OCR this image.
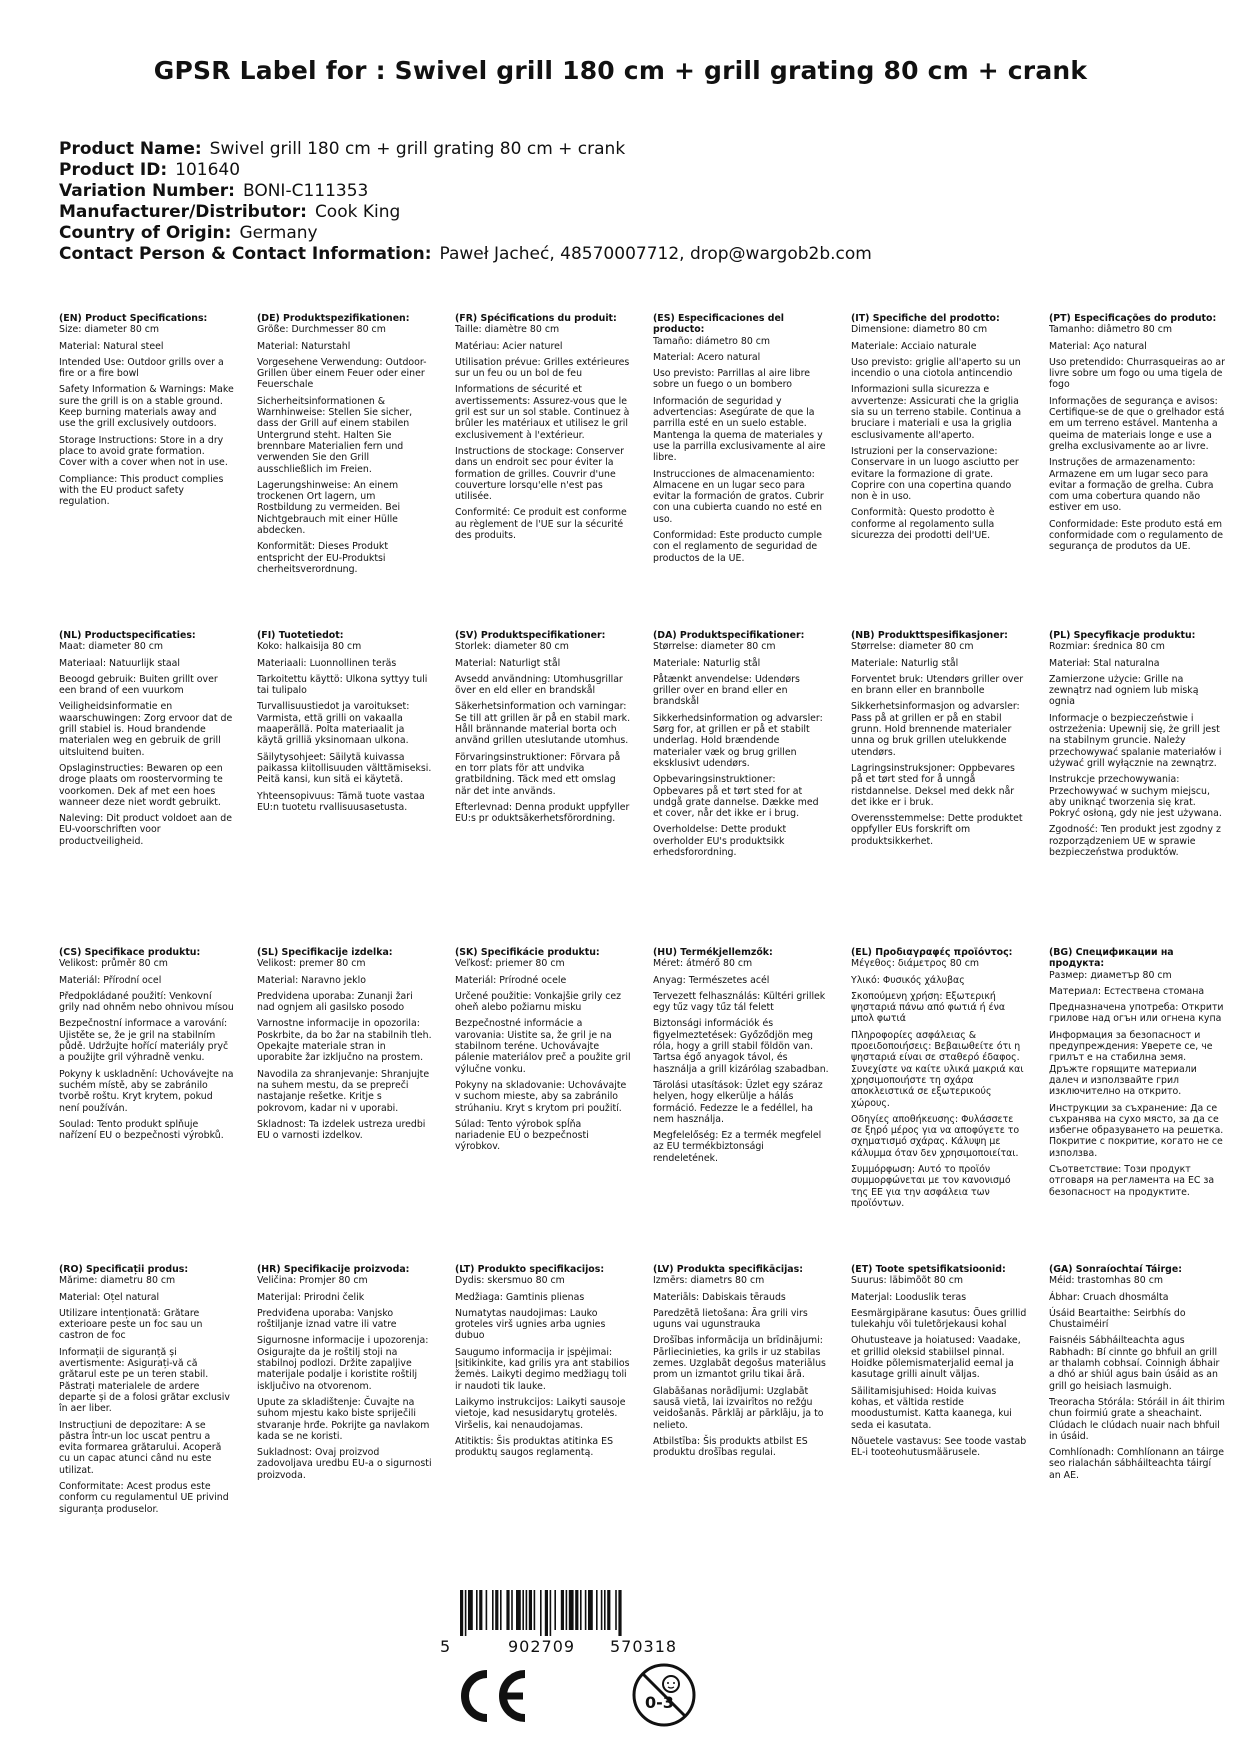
GPSR Label for : Swivel grill 180 cm + grill grating 80 cm + crank
Product Name: Swivel grill 180 cm + grill grating 80 cm + crank
Product ID: 101640
Variation Number: BONI-C111353
Manufacturer/Distributor: Cook King
Country of Origin: Germany
Contact Person & Contact Information: Paweł Jacheć, 48570007712, drop@wargob2b.com
(EN) Product Specifications:

Size: diameter 80 cm

Material: Natural steel

Intended Use: Outdoor grills over a fire or a fire bowl

Safety Information & Warnings: Make sure the grill is on a stable ground. Keep burning materials away and use the grill exclusively outdoors.

Storage Instructions: Store in a dry place to avoid grate formation. Cover with a cover when not in use.

Compliance: This product complies with the EU product safety regulation.

(DE) Produktspezifikationen:

Größe: Durchmesser 80 cm

Material: Naturstahl

Vorgesehene Verwendung: Outdoor-Grillen über einem Feuer oder einer Feuerschale

Sicherheitsinformationen & Warnhinweise: Stellen Sie sicher, dass der Grill auf einem stabilen Untergrund steht. Halten Sie brennbare Materialien fern und verwenden Sie den Grill ausschließlich im Freien.

Lagerungshinweise: An einem trockenen Ort lagern, um Rostbildung zu vermeiden. Bei Nichtgebrauch mit einer Hülle abdecken.

Konformität: Dieses Produkt entspricht der EU-Produktsi cherheitsverordnung.

(FR) Spécifications du produit:

Taille: diamètre 80 cm

Matériau: Acier naturel

Utilisation prévue: Grilles extérieures sur un feu ou un bol de feu

Informations de sécurité et avertissements: Assurez-vous que le gril est sur un sol stable. Continuez à brûler les matériaux et utilisez le gril exclusivement à l'extérieur.

Instructions de stockage: Conserver dans un endroit sec pour éviter la formation de grilles. Couvrir d'une couverture lorsqu'elle n'est pas utilisée.

Conformité: Ce produit est conforme au règlement de l'UE sur la sécurité des produits.

(ES) Especificaciones del producto:

Tamaño: diámetro 80 cm

Material: Acero natural

Uso previsto: Parrillas al aire libre sobre un fuego o un bombero

Información de seguridad y advertencias: Asegúrate de que la parrilla esté en un suelo estable. Mantenga la quema de materiales y use la parrilla exclusivamente al aire libre.

Instrucciones de almacenamiento: Almacene en un lugar seco para evitar la formación de gratos. Cubrir con una cubierta cuando no esté en uso.

Conformidad: Este producto cumple con el reglamento de seguridad de productos de la UE.

(IT) Specifiche del prodotto:

Dimensione: diametro 80 cm

Materiale: Acciaio naturale

Uso previsto: griglie all'aperto su un incendio o una ciotola antincendio

Informazioni sulla sicurezza e avvertenze: Assicurati che la griglia sia su un terreno stabile. Continua a bruciare i materiali e usa la griglia esclusivamente all'aperto.

Istruzioni per la conservazione: Conservare in un luogo asciutto per evitare la formazione di grate. Coprire con una copertina quando non è in uso.

Conformità: Questo prodotto è conforme al regolamento sulla sicurezza dei prodotti dell'UE.

(PT) Especificações do produto:

Tamanho: diâmetro 80 cm

Material: Aço natural

Uso pretendido: Churrasqueiras ao ar livre sobre um fogo ou uma tigela de fogo

Informações de segurança e avisos: Certifique-se de que o grelhador está em um terreno estável. Mantenha a queima de materiais longe e use a grelha exclusivamente ao ar livre.

Instruções de armazenamento: Armazene em um lugar seco para evitar a formação de grelha. Cubra com uma cobertura quando não estiver em uso.

Conformidade: Este produto está em conformidade com o regulamento de segurança de produtos da UE.

(NL) Productspecificaties:

Maat: diameter 80 cm

Materiaal: Natuurlijk staal

Beoogd gebruik: Buiten grillt over een brand of een vuurkom

Veiligheidsinformatie en waarschuwingen: Zorg ervoor dat de grill stabiel is. Houd brandende materialen weg en gebruik de grill uitsluitend buiten.

Opslaginstructies: Bewaren op een droge plaats om roostervorming te voorkomen. Dek af met een hoes wanneer deze niet wordt gebruikt.

Naleving: Dit product voldoet aan de EU-voorschriften voor productveiligheid.

(FI) Tuotetiedot:

Koko: halkaisija 80 cm

Materiaali: Luonnollinen teräs

Tarkoitettu käyttö: Ulkona syttyy tuli tai tulipalo

Turvallisuustiedot ja varoitukset: Varmista, että grilli on vakaalla maaperällä. Polta materiaalit ja käytä grilliä yksinomaan ulkona.

Säilytysohjeet: Säilytä kuivassa paikassa kiitollisuuden välttämiseksi. Peitä kansi, kun sitä ei käytetä.

Yhteensopivuus: Tämä tuote vastaa EU:n tuotetu rvallisuusasetusta.

(SV) Produktspecifikationer:

Storlek: diameter 80 cm

Material: Naturligt stål

Avsedd användning: Utomhusgrillar över en eld eller en brandskål

Säkerhetsinformation och varningar: Se till att grillen är på en stabil mark. Håll brännande material borta och använd grillen uteslutande utomhus.

Förvaringsinstruktioner: Förvara på en torr plats för att undvika gratbildning. Täck med ett omslag när det inte används.

Efterlevnad: Denna produkt uppfyller EU:s pr oduktsäkerhetsförordning.

(DA) Produktspecifikationer:

Størrelse: diameter 80 cm

Materiale: Naturlig stål

Påtænkt anvendelse: Udendørs griller over en brand eller en brandskål

Sikkerhedsinformation og advarsler: Sørg for, at grillen er på et stabilt underlag. Hold brændende materialer væk og brug grillen eksklusivt udendørs.

Opbevaringsinstruktioner: Opbevares på et tørt sted for at undgå grate dannelse. Dække med et cover, når det ikke er i brug.

Overholdelse: Dette produkt overholder EU's produktsikk erhedsforordning.

(NB) Produkttspesifikasjoner:

Størrelse: diameter 80 cm

Materiale: Naturlig stål

Forventet bruk: Utendørs griller over en brann eller en brannbolle

Sikkerhetsinformasjon og advarsler: Pass på at grillen er på en stabil grunn. Hold brennende materialer unna og bruk grillen utelukkende utendørs.

Lagringsinstruksjoner: Oppbevares på et tørt sted for å unngå ristdannelse. Deksel med dekk når det ikke er i bruk.

Overensstemmelse: Dette produktet oppfyller EUs forskrift om produktsikkerhet.

(PL) Specyfikacje produktu:

Rozmiar: średnica 80 cm

Materiał: Stal naturalna

Zamierzone użycie: Grille na zewnątrz nad ogniem lub miską ognia

Informacje o bezpieczeństwie i ostrzeżenia: Upewnij się, że grill jest na stabilnym gruncie. Należy przechowywać spalanie materiałów i używać grill wyłącznie na zewnątrz.

Instrukcje przechowywania: Przechowywać w suchym miejscu, aby uniknąć tworzenia się krat. Pokryć osłoną, gdy nie jest używana.

Zgodność: Ten produkt jest zgodny z rozporządzeniem UE w sprawie bezpieczeństwa produktów.

(CS) Specifikace produktu:

Velikost: průměr 80 cm

Materiál: Přírodní ocel

Předpokládané použití: Venkovní grily nad ohněm nebo ohnivou mísou

Bezpečnostní informace a varování: Ujistěte se, že je gril na stabilním půdě. Udržujte hořící materiály pryč a použijte gril výhradně venku.

Pokyny k uskladnění: Uchovávejte na suchém místě, aby se zabránilo tvorbě roštu. Kryt krytem, pokud není používán.

Soulad: Tento produkt splňuje nařízení EU o bezpečnosti výrobků.

(SL) Specifikacije izdelka:

Velikost: premer 80 cm

Material: Naravno jeklo

Predvidena uporaba: Zunanji žari nad ognjem ali gasilsko posodo

Varnostne informacije in opozorila: Poskrbite, da bo žar na stabilnih tleh. Opekajte materiale stran in uporabite žar izključno na prostem.

Navodila za shranjevanje: Shranjujte na suhem mestu, da se prepreči nastajanje rešetke. Kritje s pokrovom, kadar ni v uporabi.

Skladnost: Ta izdelek ustreza uredbi EU o varnosti izdelkov.

(SK) Špecifikácie produktu:

Veľkosť: priemer 80 cm

Materiál: Prírodné ocele

Určené použitie: Vonkajšie grily cez oheň alebo požiarnu misku

Bezpečnostné informácie a varovania: Uistite sa, že gril je na stabilnom teréne. Uchovávajte pálenie materiálov preč a použite gril výlučne vonku.

Pokyny na skladovanie: Uchovávajte v suchom mieste, aby sa zabránilo strúhaniu. Kryt s krytom pri použití.

Súlad: Tento výrobok spĺňa nariadenie EÚ o bezpečnosti výrobkov.

(HU) Termékjellemzők:

Méret: átmérő 80 cm

Anyag: Természetes acél

Tervezett felhasználás: Kültéri grillek egy tűz vagy tűz tál felett

Biztonsági információk és figyelmeztetések: Győződjön meg róla, hogy a grill stabil földön van. Tartsa égő anyagok távol, és használja a grill kizárólag szabadban.

Tárolási utasítások: Üzlet egy száraz helyen, hogy elkerülje a hálás formáció. Fedezze le a fedéllel, ha nem használja.

Megfelelőség: Ez a termék megfelel az EU termékbiztonsági rendeletének.

(EL) Προδιαγραφές προϊόντος:

Μέγεθος: διάμετρος 80 cm

Υλικό: Φυσικός χάλυβας

Σκοπούμενη χρήση: Εξωτερική ψησταριά πάνω από φωτιά ή ένα μπολ φωτιά

Πληροφορίες ασφάλειας & προειδοποιήσεις: Βεβαιωθείτε ότι η ψησταριά είναι σε σταθερό έδαφος. Συνεχίστε να καίτε υλικά μακριά και χρησιμοποιήστε τη σχάρα αποκλειστικά σε εξωτερικούς χώρους.

Οδηγίες αποθήκευσης: Φυλάσσετε σε ξηρό μέρος για να αποφύγετε το σχηματισμό σχάρας. Κάλυψη με κάλυμμα όταν δεν χρησιμοποιείται.

Συμμόρφωση: Αυτό το προϊόν συμμορφώνεται με τον κανονισμό της ΕΕ για την ασφάλεια των προϊόντων.

(BG) Спецификации на продукта:

Размер: диаметър 80 cm

Материал: Естествена стомана

Предназначена употреба: Открити грилове над огън или огнена купа

Информация за безопасност и предупреждения: Уверете се, че грилът е на стабилна земя. Дръжте горящите материали далеч и използвайте грил изключително на открито.

Инструкции за съхранение: Да се съхранява на сухо място, за да се избегне образуването на решетка. Покритие с покритие, когато не се използва.

Съответствие: Този продукт отговаря на регламента на ЕС за безопасност на продуктите.

(RO) Specificații produs:

Mărime: diametru 80 cm

Material: Oțel natural

Utilizare intenționată: Grătare exterioare peste un foc sau un castron de foc

Informații de siguranță și avertismente: Asigurați-vă că grătarul este pe un teren stabil. Păstrați materialele de ardere departe și de a folosi grătar exclusiv în aer liber.

Instrucțiuni de depozitare: A se păstra într-un loc uscat pentru a evita formarea grătarului. Acoperă cu un capac atunci când nu este utilizat.

Conformitate: Acest produs este conform cu regulamentul UE privind siguranța produselor.

(HR) Specifikacije proizvoda:

Veličina: Promjer 80 cm

Materijal: Prirodni čelik

Predviđena uporaba: Vanjsko roštiljanje iznad vatre ili vatre

Sigurnosne informacije i upozorenja: Osigurajte da je roštilj stoji na stabilnoj podlozi. Držite zapaljive materijale podalje i koristite roštilj isključivo na otvorenom.

Upute za skladištenje: Čuvajte na suhom mjestu kako biste spriječili stvaranje hrđe. Pokrijte ga navlakom kada se ne koristi.

Sukladnost: Ovaj proizvod zadovoljava uredbu EU-a o sigurnosti proizvoda.

(LT) Produkto specifikacijos:

Dydis: skersmuo 80 cm

Medžiaga: Gamtinis plienas

Numatytas naudojimas: Lauko groteles virš ugnies arba ugnies dubuo

Saugumo informacija ir įspėjimai: Įsitikinkite, kad grilis yra ant stabilios žemės. Laikyti degimo medžiagų toli ir naudoti tik lauke.

Laikymo instrukcijos: Laikyti sausoje vietoje, kad nesusidarytų grotelės. Viršelis, kai nenaudojamas.

Atitiktis: Šis produktas atitinka ES produktų saugos reglamentą.

(LV) Produkta specifikācijas:

Izmērs: diametrs 80 cm

Materiāls: Dabiskais tērauds

Paredzētā lietošana: Āra grili virs uguns vai ugunstrauka

Drošības informācija un brīdinājumi: Pārliecinieties, ka grils ir uz stabilas zemes. Uzglabāt degošus materiālus prom un izmantot grilu tikai ārā.

Glabāšanas norādījumi: Uzglabāt sausā vietā, lai izvairītos no režģu veidošanās. Pārklāj ar pārklāju, ja to nelieto.

Atbilstība: Šis produkts atbilst ES produktu drošības regulai.

(ET) Toote spetsifikatsioonid:

Suurus: läbimõõt 80 cm

Materjal: Looduslik teras

Eesmärgipärane kasutus: Õues grillid tulekahju või tuletõrjekausi kohal

Ohutusteave ja hoiatused: Vaadake, et grillid oleksid stabiilsel pinnal. Hoidke põlemismaterjalid eemal ja kasutage grilli ainult väljas.

Säilitamisjuhised: Hoida kuivas kohas, et vältida restide moodustumist. Katta kaanega, kui seda ei kasutata.

Nõuetele vastavus: See toode vastab EL-i tooteohutusmäärusele.

(GA) Sonraíochtaí Táirge:

Méid: trastomhas 80 cm

Ábhar: Cruach dhosmálta

Úsáid Beartaithe: Seirbhís do Chustaiméirí

Faisnéis Sábháilteachta agus Rabhadh: Bí cinnte go bhfuil an grill ar thalamh cobhsaí. Coinnigh ábhair a dhó ar shiúl agus bain úsáid as an grill go heisiach lasmuigh.

Treoracha Stórála: Stóráil in áit thirim chun foirmiú grate a sheachaint. Clúdach le clúdach nuair nach bhfuil in úsáid.

Comhlíonadh: Comhlíonann an táirge seo rialachán sábháilteachta táirgí an AE.

5	902709 570318
0-3
